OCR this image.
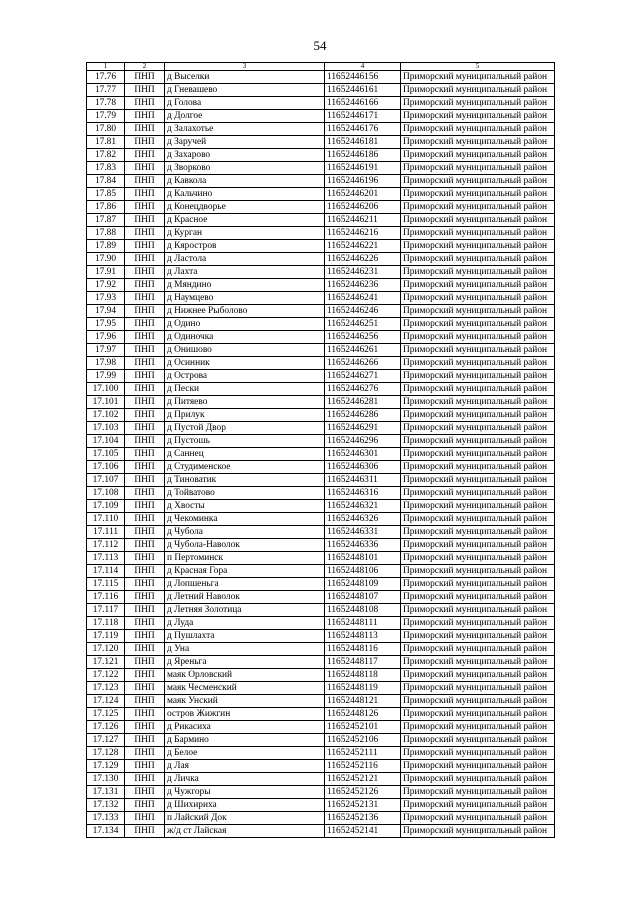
54
1	2	3	4	5
17.76	ПНП	д Выселки	11652446156	Приморский муниципальный район
17.77	ПНП	д Гневашево	11652446161	Приморский муниципальный район
17.78	ПНП	д Голова	11652446166	Приморский муниципальный район
17.79	ПНП	д Долгое	11652446171	Приморский муниципальный район
17.80	ПНП	д Залахотье	11652446176	Приморский муниципальный район
17.81	ПНП	д Заручей	11652446181	Приморский муниципальный район
17.82	ПНП	д Захарово	11652446186	Приморский муниципальный район
17.83	ПНП	д Зворково	11652446191	Приморский муниципальный район
17.84	ПНП	д Кавкола	11652446196	Приморский муниципальный район
17.85	ПНП	д Кальчино	11652446201	Приморский муниципальный район
17.86	ПНП	д Конецдворье	11652446206	Приморский муниципальный район
17.87	ПНП	д Красное	11652446211	Приморский муниципальный район
17.88	ПНП	д Курган	11652446216	Приморский муниципальный район
17.89	ПНП	д Кяростров	11652446221	Приморский муниципальный район
17.90	ПНП	д Ластола	11652446226	Приморский муниципальный район
17.91	ПНП	д Лахта	11652446231	Приморский муниципальный район
17.92	ПНП	д Мяндино	11652446236	Приморский муниципальный район
17.93	ПНП	д Наумцево	11652446241	Приморский муниципальный район
17.94	ПНП	д Нижнее Рыболово	11652446246	Приморский муниципальный район
17.95	ПНП	д Одино	11652446251	Приморский муниципальный район
17.96	ПНП	д Одиночка	11652446256	Приморский муниципальный район
17.97	ПНП	д Онишово	11652446261	Приморский муниципальный район
17.98	ПНП	д Осинник	11652446266	Приморский муниципальный район
17.99	ПНП	д Острова	11652446271	Приморский муниципальный район
17.100	ПНП	д Пески	11652446276	Приморский муниципальный район
17.101	ПНП	д Питяево	11652446281	Приморский муниципальный район
17.102	ПНП	д Прилук	11652446286	Приморский муниципальный район
17.103	ПНП	д Пустой Двор	11652446291	Приморский муниципальный район
17.104	ПНП	д Пустошь	11652446296	Приморский муниципальный район
17.105	ПНП	д Саннец	11652446301	Приморский муниципальный район
17.106	ПНП	д Студименское	11652446306	Приморский муниципальный район
17.107	ПНП	д Тиноватик	11652446311	Приморский муниципальный район
17.108	ПНП	д Тойватово	11652446316	Приморский муниципальный район
17.109	ПНП	д Хвосты	11652446321	Приморский муниципальный район
17.110	ПНП	д Чекоминка	11652446326	Приморский муниципальный район
17.111	ПНП	д Чубола	11652446331	Приморский муниципальный район
17.112	ПНП	д Чубола-Наволок	11652446336	Приморский муниципальный район
17.113	ПНП	п Пертоминск	11652448101	Приморский муниципальный район
17.114	ПНП	д Красная Гора	11652448106	Приморский муниципальный район
17.115	ПНП	д Лопшеньга	11652448109	Приморский муниципальный район
17.116	ПНП	д Летний Наволок	11652448107	Приморский муниципальный район
17.117	ПНП	д Летняя Золотица	11652448108	Приморский муниципальный район
17.118	ПНП	д Луда	11652448111	Приморский муниципальный район
17.119	ПНП	д Пушлахта	11652448113	Приморский муниципальный район
17.120	ПНП	д Уна	11652448116	Приморский муниципальный район
17.121	ПНП	д Яреньга	11652448117	Приморский муниципальный район
17.122	ПНП	маяк Орловский	11652448118	Приморский муниципальный район
17.123	ПНП	маяк Чесменский	11652448119	Приморский муниципальный район
17.124	ПНП	маяк Унский	11652448121	Приморский муниципальный район
17.125	ПНП	остров Жижгин	11652448126	Приморский муниципальный район
17.126	ПНП	д Рикасиха	11652452101	Приморский муниципальный район
17.127	ПНП	д Бармино	11652452106	Приморский муниципальный район
17.128	ПНП	д Белое	11652452111	Приморский муниципальный район
17.129	ПНП	д Лая	11652452116	Приморский муниципальный район
17.130	ПНП	д Личка	11652452121	Приморский муниципальный район
17.131	ПНП	д Чужгоры	11652452126	Приморский муниципальный район
17.132	ПНП	д Шихириха	11652452131	Приморский муниципальный район
17.133	ПНП	п Лайский Док	11652452136	Приморский муниципальный район
17.134	ПНП	ж/д ст Лайская	11652452141	Приморский муниципальный район
